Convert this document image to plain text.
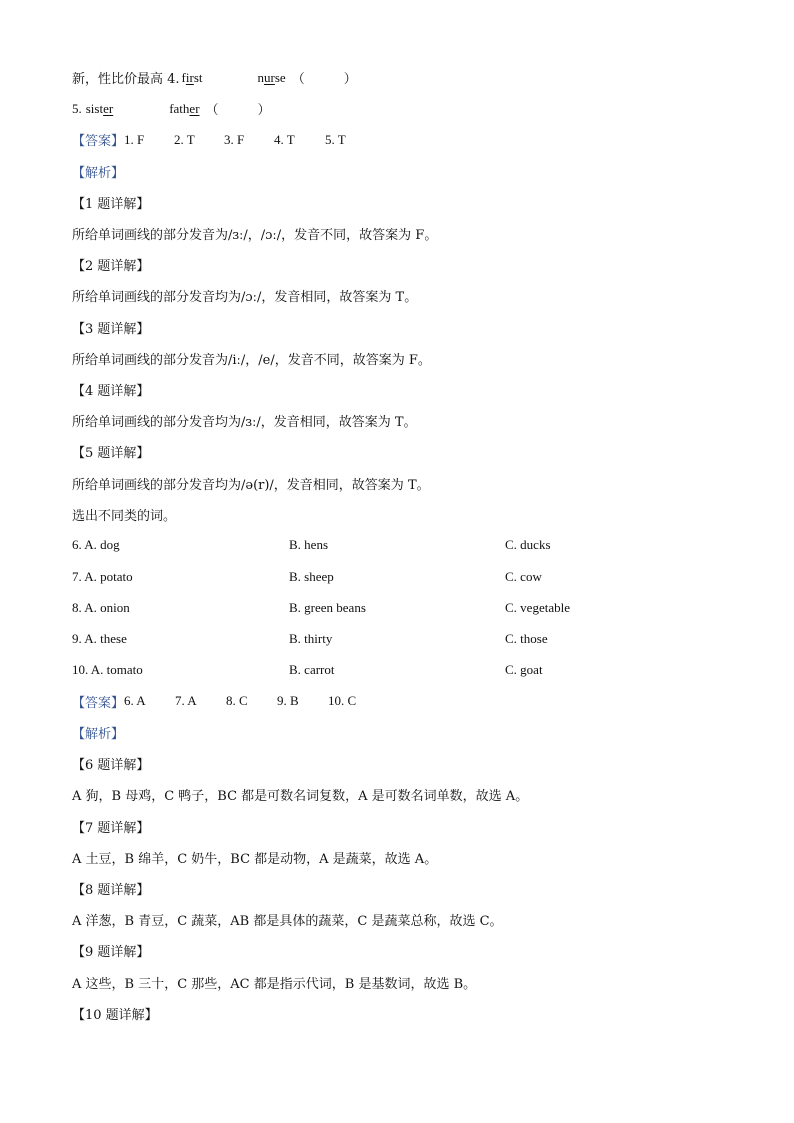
新，性比价最高 4. first	nurse （　　　）
5. sister	father （　　　）
【答案】 1. F	2. T	3. F	4. T	5. T
【解析】
【1 题详解】
所给单词画线的部分发音为/ɜː/，/ɔː/，发音不同，故答案为 F。
【2 题详解】
所给单词画线的部分发音均为/ɔː/，发音相同，故答案为 T。
【3 题详解】
所给单词画线的部分发音为/iː/，/e/，发音不同，故答案为 F。
【4 题详解】
所给单词画线的部分发音均为/ɜː/，发音相同，故答案为 T。
【5 题详解】
所给单词画线的部分发音均为/ə(r)/，发音相同，故答案为 T。
选出不同类的词。
6. A. dog	B. hens	C. ducks
7. A. potato	B. sheep	C. cow
8. A. onion	B. green beans	C. vegetable
9. A. these	B. thirty	C. those
10. A. tomato	B. carrot	C. goat
【答案】 6. A	7. A	8. C	9. B	10. C
【解析】
【6 题详解】
A 狗，B 母鸡，C 鸭子，BC 都是可数名词复数，A 是可数名词单数，故选 A。
【7 题详解】
A 土豆，B 绵羊，C 奶牛，BC 都是动物，A 是蔬菜，故选 A。
【8 题详解】
A 洋葱，B 青豆，C 蔬菜，AB 都是具体的蔬菜，C 是蔬菜总称，故选 C。
【9 题详解】
A 这些，B 三十，C 那些，AC 都是指示代词，B 是基数词，故选 B。
【10 题详解】
